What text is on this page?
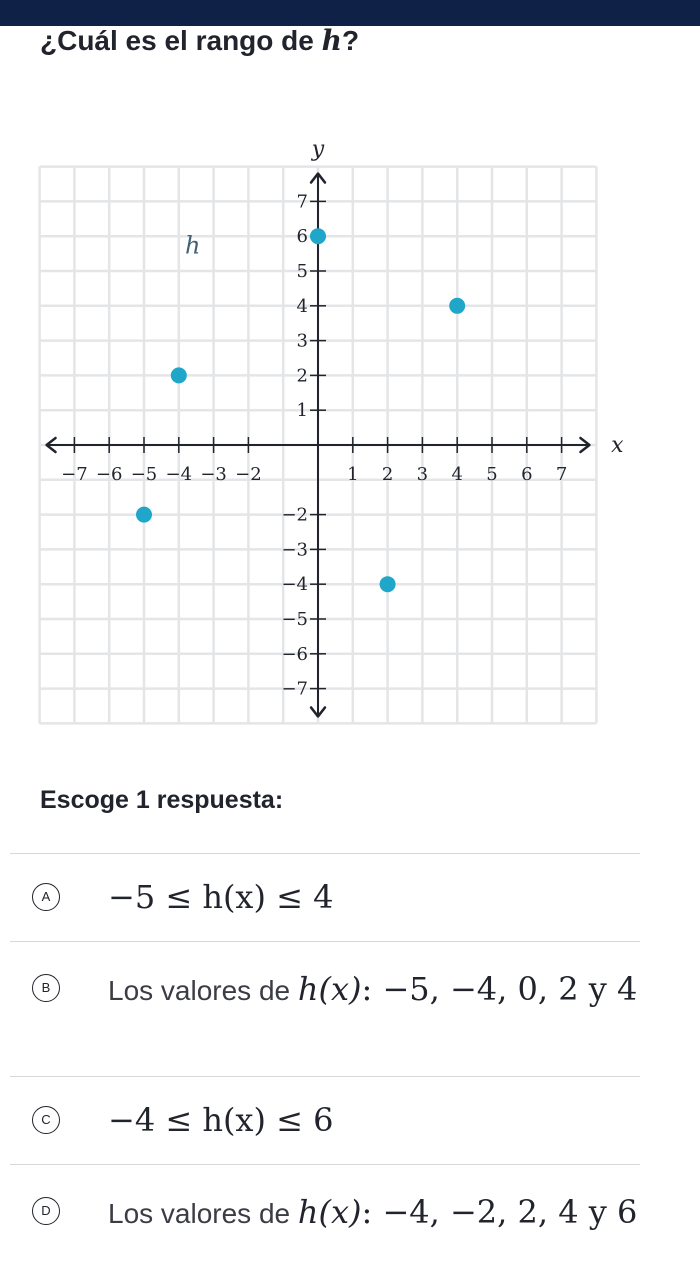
¿Cuál es el rango de h?
−7 −6 −5 −4 −3 −2	1 2 3 4 5 6 7
−7
−6
−5
−4
−3
−2
1
2
3
4
5
6
7
x
y
h
Escoge 1 respuesta:
A	−5 ≤ h(x) ≤ 4
B	Los valores de h(x): −5, −4, 0, 2 y 4
C −4 ≤ h(x) ≤ 6
D	Los valores de h(x): −4, −2, 2, 4 y 6
